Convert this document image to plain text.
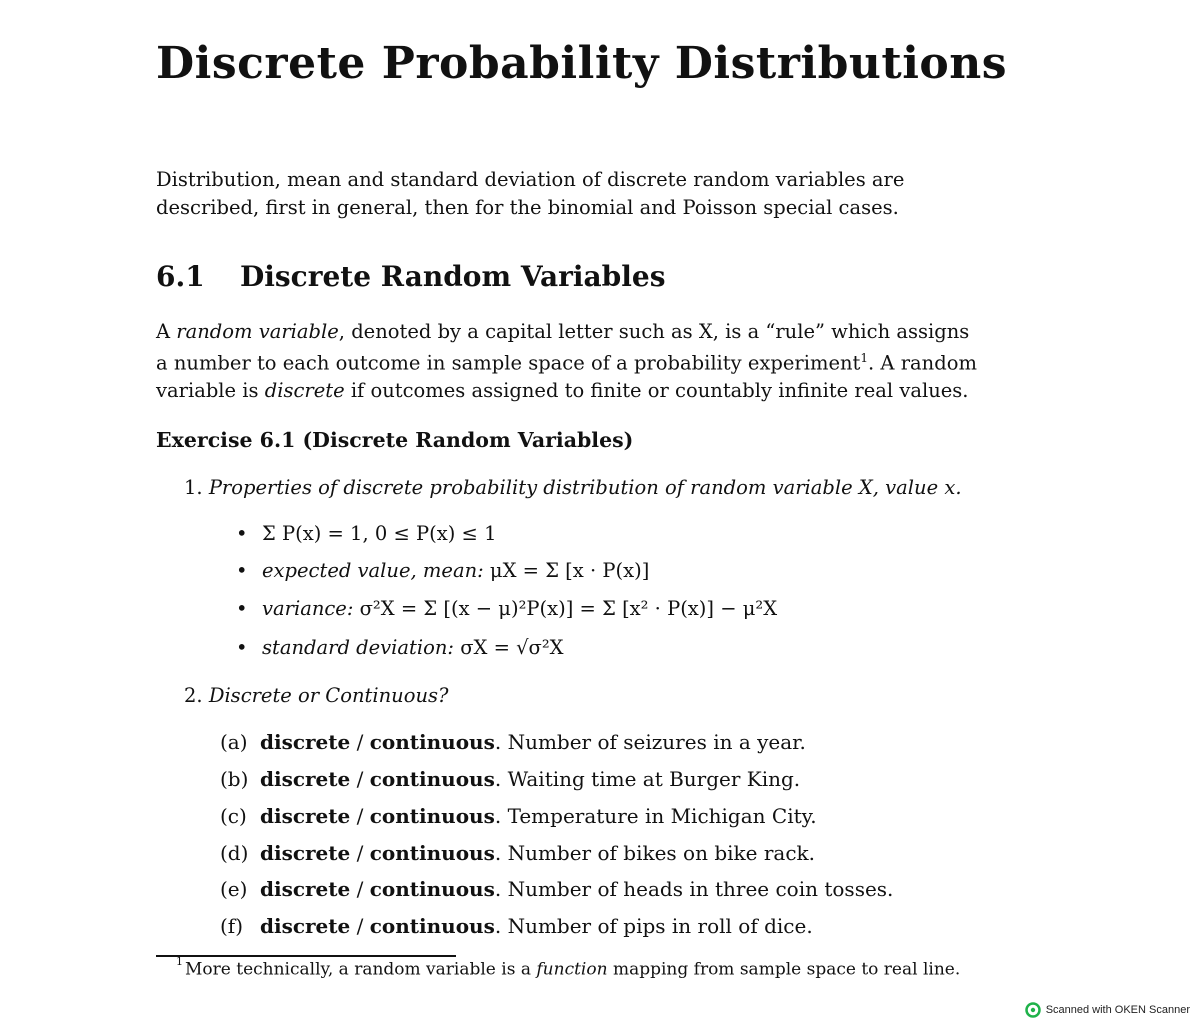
Discrete Probability Distributions
Distribution, mean and standard deviation of discrete random variables are described, first in general, then for the binomial and Poisson special cases.
6.1 Discrete Random Variables
A random variable, denoted by a capital letter such as X, is a “rule” which assigns a number to each outcome in sample space of a probability experiment$^1$. A random variable is discrete if outcomes assigned to finite or countably infinite real values.
Exercise 6.1 (Discrete Random Variables)
1. Properties of discrete probability distribution of random variable X, value x.
• Σ P(x) = 1, 0 ≤ P(x) ≤ 1
• expected value, mean: μX = Σ [x · P(x)]
• variance: σ²X = Σ [(x − μ)²P(x)] = Σ [x² · P(x)] − μ²X
• standard deviation: σX = √σ²X
2. Discrete or Continuous?
(a) discrete / continuous. Number of seizures in a year.
(b) discrete / continuous. Waiting time at Burger King.
(c) discrete / continuous. Temperature in Michigan City.
(d) discrete / continuous. Number of bikes on bike rack.
(e) discrete / continuous. Number of heads in three coin tosses.
(f) discrete / continuous. Number of pips in roll of dice.
$^1$ More technically, a random variable is a function mapping from sample space to real line.
Scanned with OKEN Scanner
